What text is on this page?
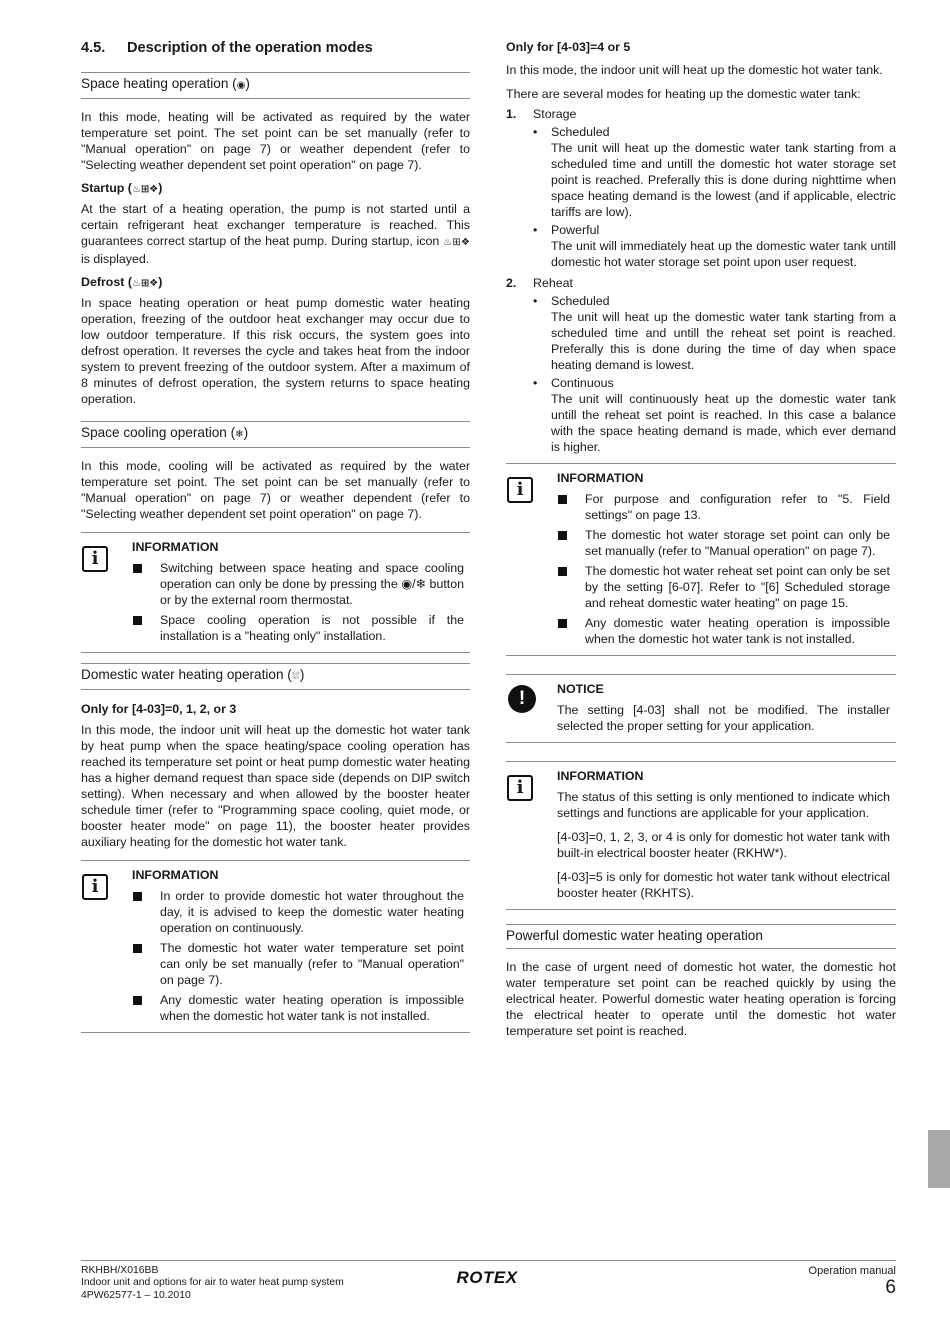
4.5. Description of the operation modes
Space heating operation (◉)

In this mode, heating will be activated as required by the water temperature set point. The set point can be set manually (refer to "Manual operation" on page 7) or weather dependent (refer to "Selecting weather dependent set point operation" on page 7).

Startup (♨⊞❖)

At the start of a heating operation, the pump is not started until a certain refrigerant heat exchanger temperature is reached. This guarantees correct startup of the heat pump. During startup, icon ♨⊞❖ is displayed.

Defrost (♨⊞❖)

In space heating operation or heat pump domestic water heating operation, freezing of the outdoor heat exchanger may occur due to low outdoor temperature. If this risk occurs, the system goes into defrost operation. It reverses the cycle and takes heat from the indoor system to prevent freezing of the outdoor system. After a maximum of 8 minutes of defrost operation, the system returns to space heating operation.

Space cooling operation (❄)

In this mode, cooling will be activated as required by the water temperature set point. The set point can be set manually (refer to "Manual operation" on page 7) or weather dependent (refer to "Selecting weather dependent set point operation" on page 7).

i
INFORMATION

Switching between space heating and space cooling operation can only be done by pressing the ◉/❄ button or by the external room thermostat.

Space cooling operation is not possible if the installation is a "heating only" installation.

Domestic water heating operation (⛆)
Only for [4-03]=0, 1, 2, or 3

In this mode, the indoor unit will heat up the domestic hot water tank by heat pump when the space heating/space cooling operation has reached its temperature set point or heat pump domestic water heating has a higher demand request than space side (depends on DIP switch setting). When necessary and when allowed by the booster heater schedule timer (refer to "Programming space cooling, quiet mode, or booster heater mode" on page 11), the booster heater provides auxiliary heating for the domestic hot water tank.

i
INFORMATION

In order to provide domestic hot water throughout the day, it is advised to keep the domestic water heating operation on continuously.

The domestic hot water water temperature set point can only be set manually (refer to "Manual operation" on page 7).

Any domestic water heating operation is impossible when the domestic hot water tank is not installed.

Only for [4-03]=4 or 5

In this mode, the indoor unit will heat up the domestic hot water tank.

There are several modes for heating up the domestic water tank:

1. Storage

• Scheduled

The unit will heat up the domestic water tank starting from a scheduled time and untill the domestic hot water storage set point is reached. Preferally this is done during nighttime when space heating demand is the lowest (and if applicable, electric tariffs are low).

• Powerful

The unit will immediately heat up the domestic water tank untill domestic hot water storage set point upon user request.

2. Reheat

• Scheduled

The unit will heat up the domestic water tank starting from a scheduled time and untill the reheat set point is reached. Preferally this is done during the time of day when space heating demand is lowest.

• Continuous

The unit will continuously heat up the domestic water tank untill the reheat set point is reached. In this case a balance with the space heating demand is made, which ever demand is higher.

i
INFORMATION

For purpose and configuration refer to "5. Field settings" on page 13.

The domestic hot water storage set point can only be set manually (refer to "Manual operation" on page 7).

The domestic hot water reheat set point can only be set by the setting [6-07]. Refer to "[6] Scheduled storage and reheat domestic water heating" on page 15.

Any domestic water heating operation is impossible when the domestic hot water tank is not installed.

!	NOTICE

The setting [4-03] shall not be modified. The installer selected the proper setting for your application.

i
INFORMATION

The status of this setting is only mentioned to indicate which settings and functions are applicable for your application.

[4-03]=0, 1, 2, 3, or 4 is only for domestic hot water tank with built-in electrical booster heater (RKHW*).

[4-03]=5 is only for domestic hot water tank without electrical booster heater (RKHTS).

Powerful domestic water heating operation

In the case of urgent need of domestic hot water, the domestic hot water temperature set point can be reached quickly by using the electrical heater. Powerful domestic water heating operation is forcing the electrical heater to operate until the domestic hot water temperature set point is reached.

RKHBH/X016BB
Indoor unit and options for air to water heat pump system
4PW62577-1 – 10.2010
ROTEX	Operation manual
6
